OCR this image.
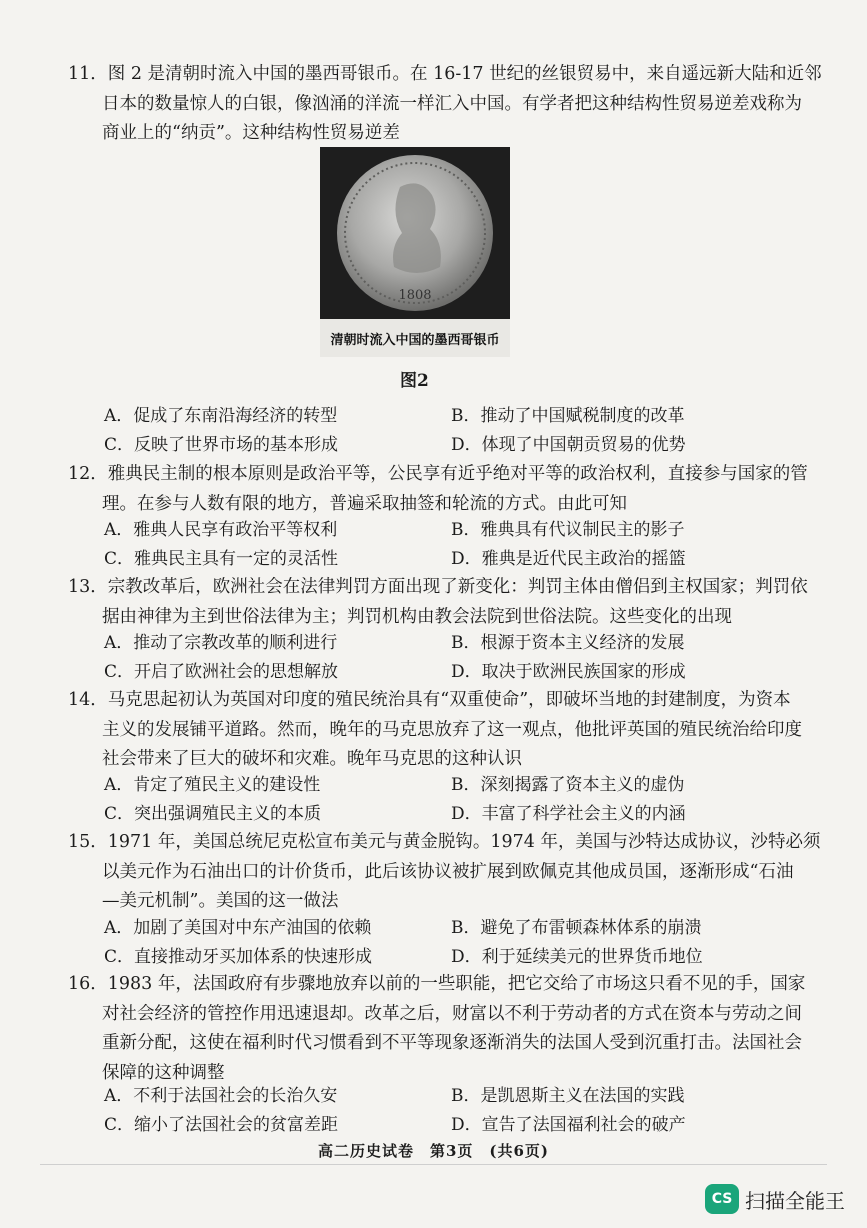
11．图 2 是清朝时流入中国的墨西哥银币。在 16-17 世纪的丝银贸易中，来自遥远新大陆和近邻
日本的数量惊人的白银，像汹涌的洋流一样汇入中国。有学者把这种结构性贸易逆差戏称为
商业上的“纳贡”。这种结构性贸易逆差
1808
清朝时流入中国的墨西哥银币
图2
A．促成了东南沿海经济的转型	B．推动了中国赋税制度的改革
C．反映了世界市场的基本形成	D．体现了中国朝贡贸易的优势
12．雅典民主制的根本原则是政治平等，公民享有近乎绝对平等的政治权利，直接参与国家的管
理。在参与人数有限的地方，普遍采取抽签和轮流的方式。由此可知
A．雅典人民享有政治平等权利	B．雅典具有代议制民主的影子
C．雅典民主具有一定的灵活性	D．雅典是近代民主政治的摇篮
13．宗教改革后，欧洲社会在法律判罚方面出现了新变化：判罚主体由僧侣到主权国家；判罚依
据由神律为主到世俗法律为主；判罚机构由教会法院到世俗法院。这些变化的出现
A．推动了宗教改革的顺利进行	B．根源于资本主义经济的发展
C．开启了欧洲社会的思想解放	D．取决于欧洲民族国家的形成
14．马克思起初认为英国对印度的殖民统治具有“双重使命”，即破坏当地的封建制度，为资本
主义的发展铺平道路。然而，晚年的马克思放弃了这一观点，他批评英国的殖民统治给印度
社会带来了巨大的破坏和灾难。晚年马克思的这种认识
A．肯定了殖民主义的建设性	B．深刻揭露了资本主义的虚伪
C．突出强调殖民主义的本质	D．丰富了科学社会主义的内涵
15．1971 年，美国总统尼克松宣布美元与黄金脱钩。1974 年，美国与沙特达成协议，沙特必须
以美元作为石油出口的计价货币，此后该协议被扩展到欧佩克其他成员国，逐渐形成“石油
—美元机制”。美国的这一做法
A．加剧了美国对中东产油国的依赖	B．避免了布雷顿森林体系的崩溃
C．直接推动牙买加体系的快速形成	D．利于延续美元的世界货币地位
16．1983 年，法国政府有步骤地放弃以前的一些职能，把它交给了市场这只看不见的手，国家
对社会经济的管控作用迅速退却。改革之后，财富以不利于劳动者的方式在资本与劳动之间
重新分配，这使在福利时代习惯看到不平等现象逐渐消失的法国人受到沉重打击。法国社会
保障的这种调整
A．不利于法国社会的长治久安	B．是凯恩斯主义在法国的实践
C．缩小了法国社会的贫富差距	D．宣告了法国福利社会的破产
高二历史试卷　第3页　(共6页)
CS 扫描全能王
